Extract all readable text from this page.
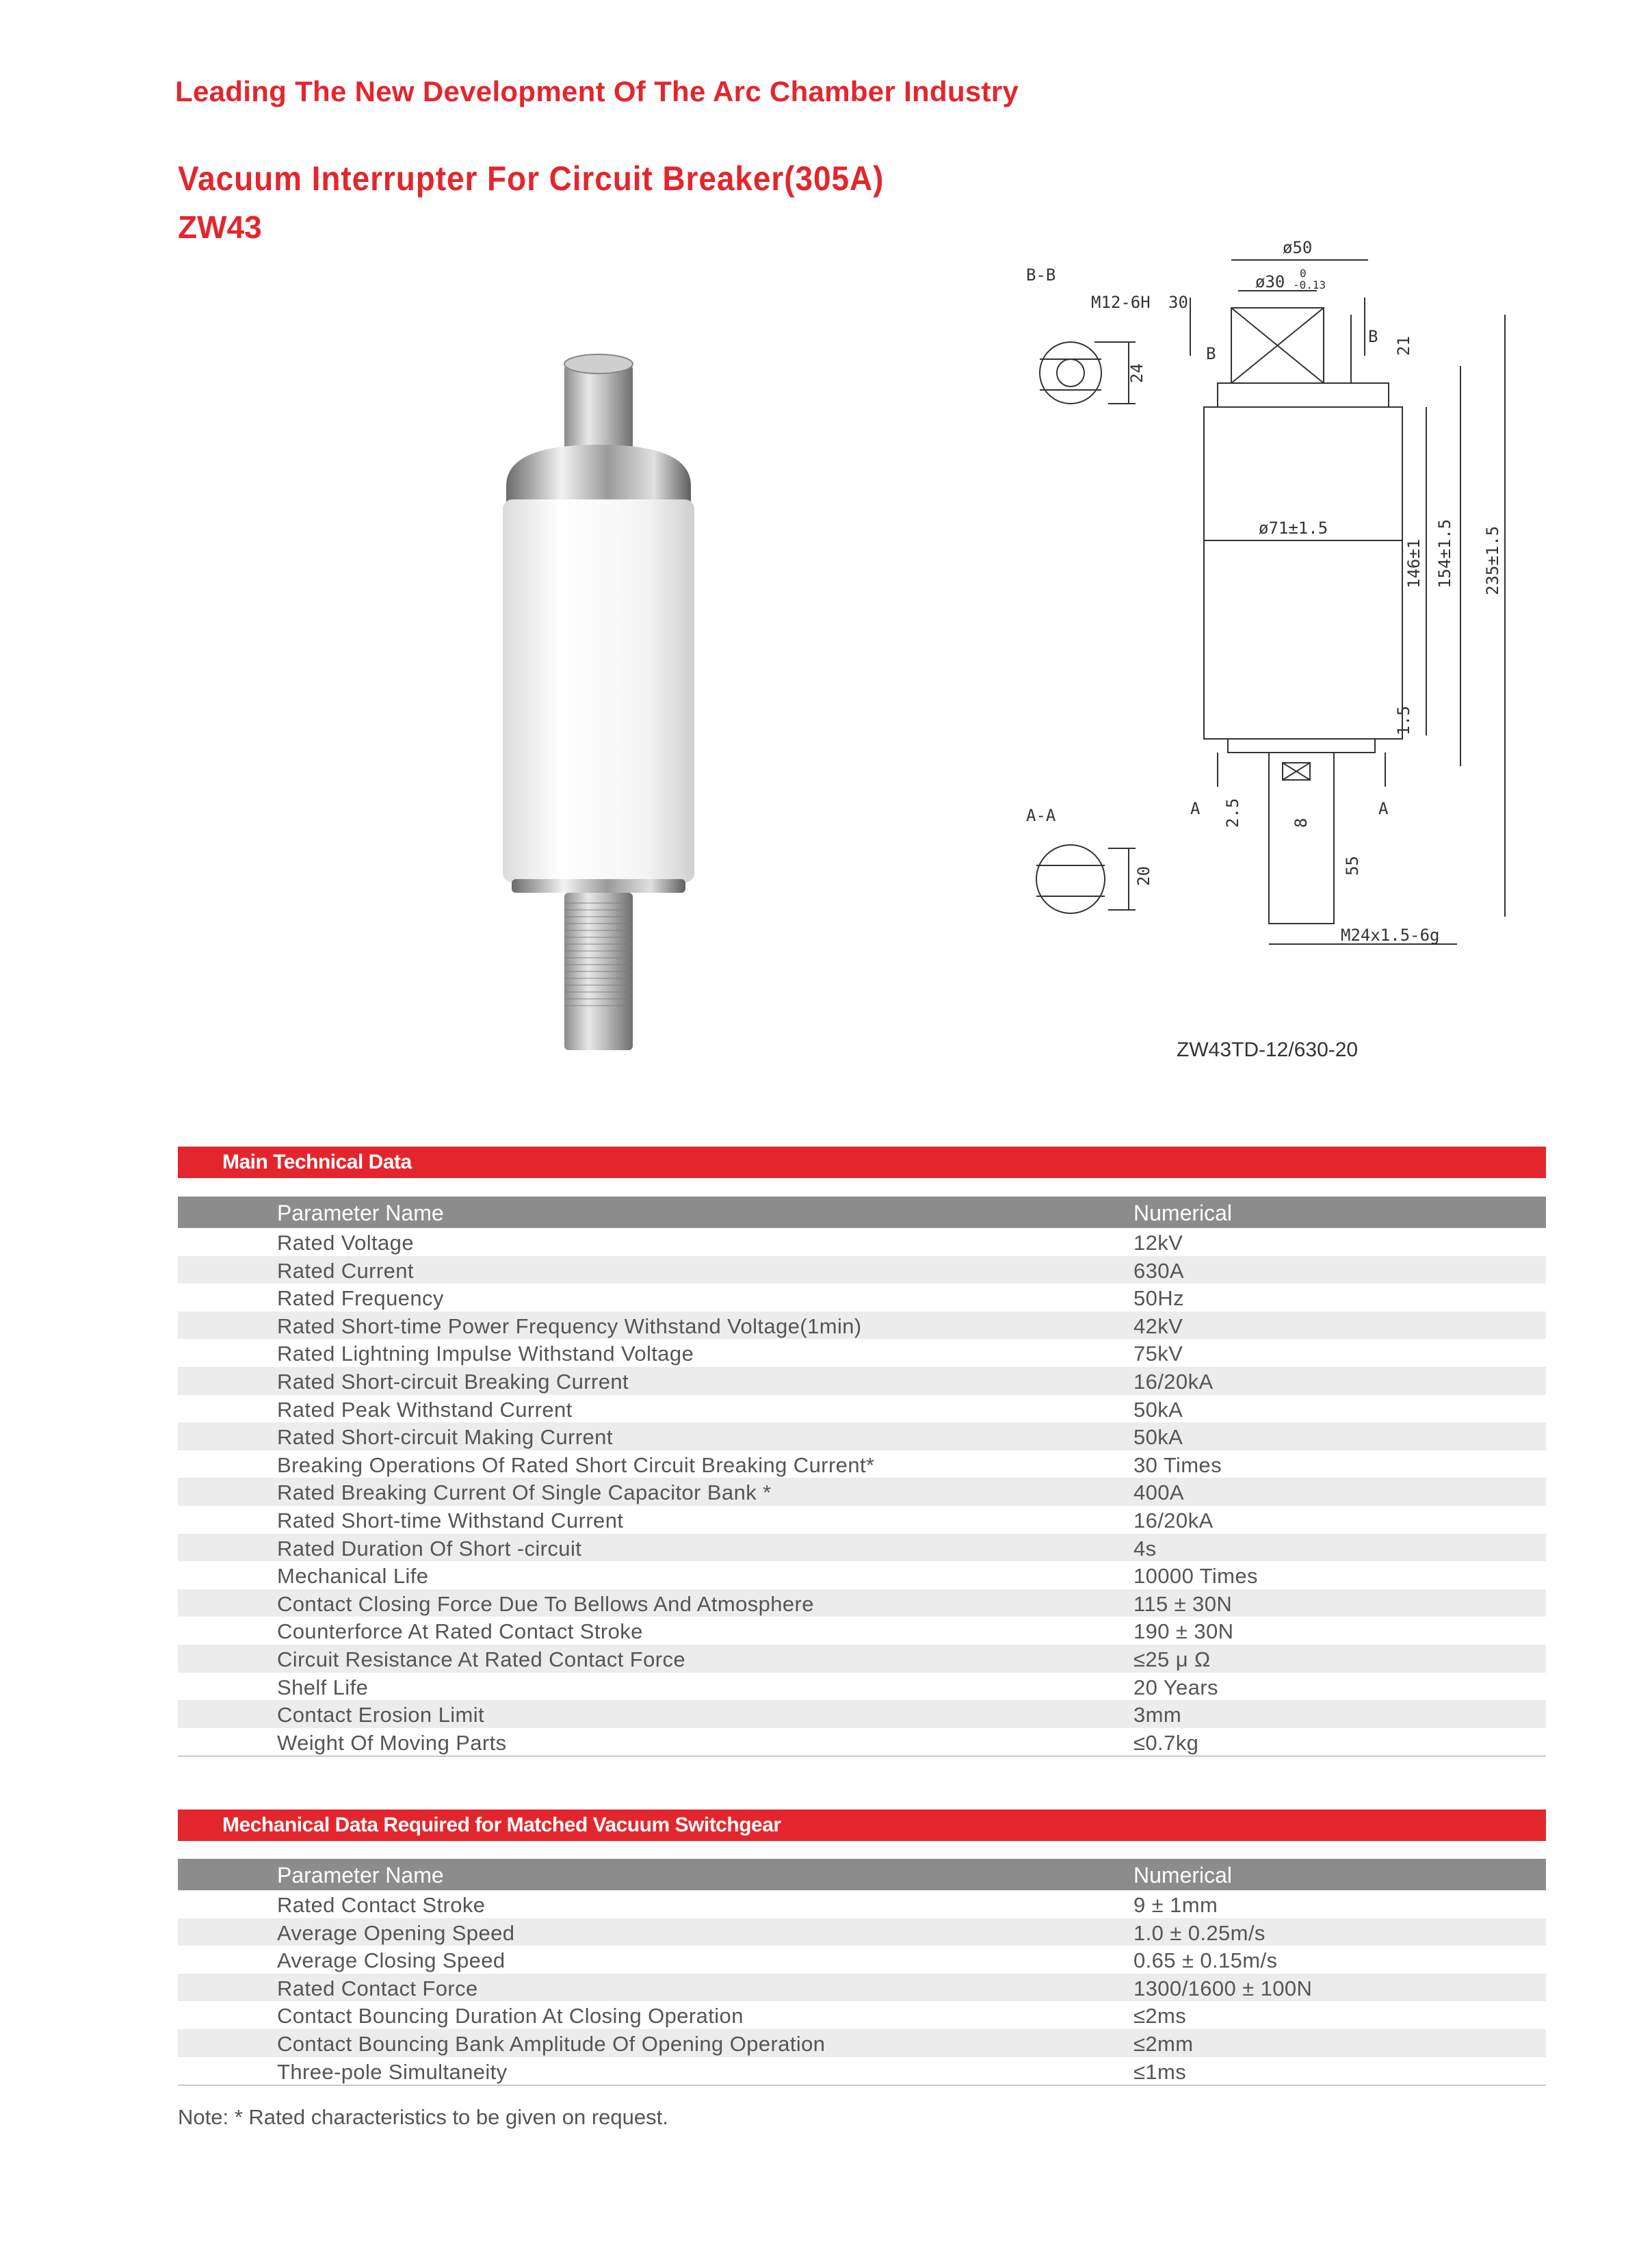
Leading The New Development Of The Arc Chamber Industry
Vacuum Interrupter For Circuit Breaker(305A)
ZW43
B-B
A-A
M12-6H 30
ø50
ø30 0
-0.13
ø71±1.5
B
B
A	A
M24x1.5-6g
24
21
146±1 154±1.5 235±1.5
1.5
2.5	8
55
20
ZW43TD-12/630-20
Main Technical Data
Parameter Name	Numerical
Rated Voltage	12kV
Rated Current	630A
Rated Frequency	50Hz
Rated Short-time Power Frequency Withstand Voltage(1min)	42kV
Rated Lightning Impulse Withstand Voltage	75kV
Rated Short-circuit Breaking Current	16/20kA
Rated Peak Withstand Current	50kA
Rated Short-circuit Making Current	50kA
Breaking Operations Of Rated Short Circuit Breaking Current*	30 Times
Rated Breaking Current Of Single Capacitor Bank *	400A
Rated Short-time Withstand Current	16/20kA
Rated Duration Of Short -circuit	4s
Mechanical Life	10000 Times
Contact Closing Force Due To Bellows And Atmosphere	115 ± 30N
Counterforce At Rated Contact Stroke	190 ± 30N
Circuit Resistance At Rated Contact Force	≤25 μ Ω
Shelf Life	20 Years
Contact Erosion Limit	3mm
Weight Of Moving Parts	≤0.7kg
Mechanical Data Required for Matched Vacuum Switchgear
Parameter Name	Numerical
Rated Contact Stroke	9 ± 1mm
Average Opening Speed	1.0 ± 0.25m/s
Average Closing Speed	0.65 ± 0.15m/s
Rated Contact Force	1300/1600 ± 100N
Contact Bouncing Duration At Closing Operation	≤2ms
Contact Bouncing Bank Amplitude Of Opening Operation	≤2mm
Three-pole Simultaneity	≤1ms
Note: * Rated characteristics to be given on request.
